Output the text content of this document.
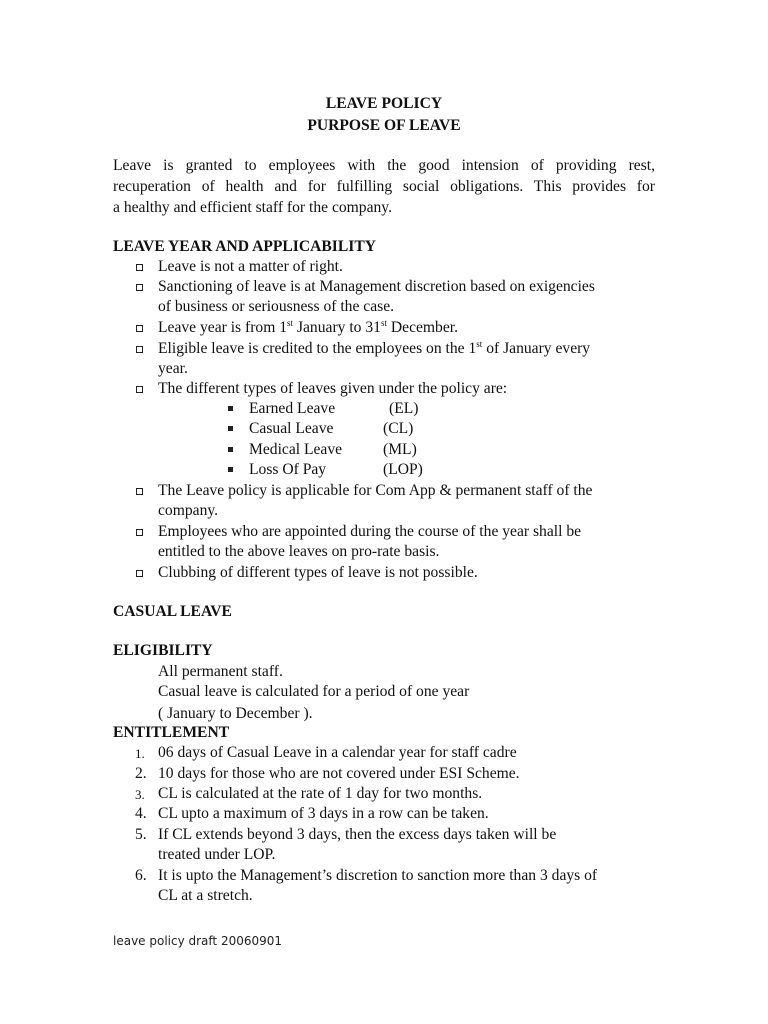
LEAVE POLICY
PURPOSE OF LEAVE
Leave is granted to employees with the good intension of providing rest,
recuperation of health and for fulfilling social obligations. This provides for
a healthy and efficient staff for the company.
LEAVE YEAR AND APPLICABILITY
Leave is not a matter of right.
Sanctioning of leave is at Management discretion based on exigencies
of business or seriousness of the case.
Leave year is from 1st January to 31st December.
Eligible leave is credited to the employees on the 1st of January every
year.
The different types of leaves given under the policy are:
Earned Leave	(EL)
Casual Leave	(CL)
Medical Leave	(ML)
Loss Of Pay	(LOP)
The Leave policy is applicable for Com App & permanent staff of the
company.
Employees who are appointed during the course of the year shall be
entitled to the above leaves on pro-rate basis.
Clubbing of different types of leave is not possible.
CASUAL LEAVE
ELIGIBILITY
All permanent staff.
Casual leave is calculated for a period of one year
( January to December ).
ENTITLEMENT
1. 06 days of Casual Leave in a calendar year for staff cadre
2. 10 days for those who are not covered under ESI Scheme.
3. CL is calculated at the rate of 1 day for two months.
4. CL upto a maximum of 3 days in a row can be taken.
5. If CL extends beyond 3 days, then the excess days taken will be
treated under LOP.
6. It is upto the Management’s discretion to sanction more than 3 days of
CL at a stretch.
leave policy draft 20060901
